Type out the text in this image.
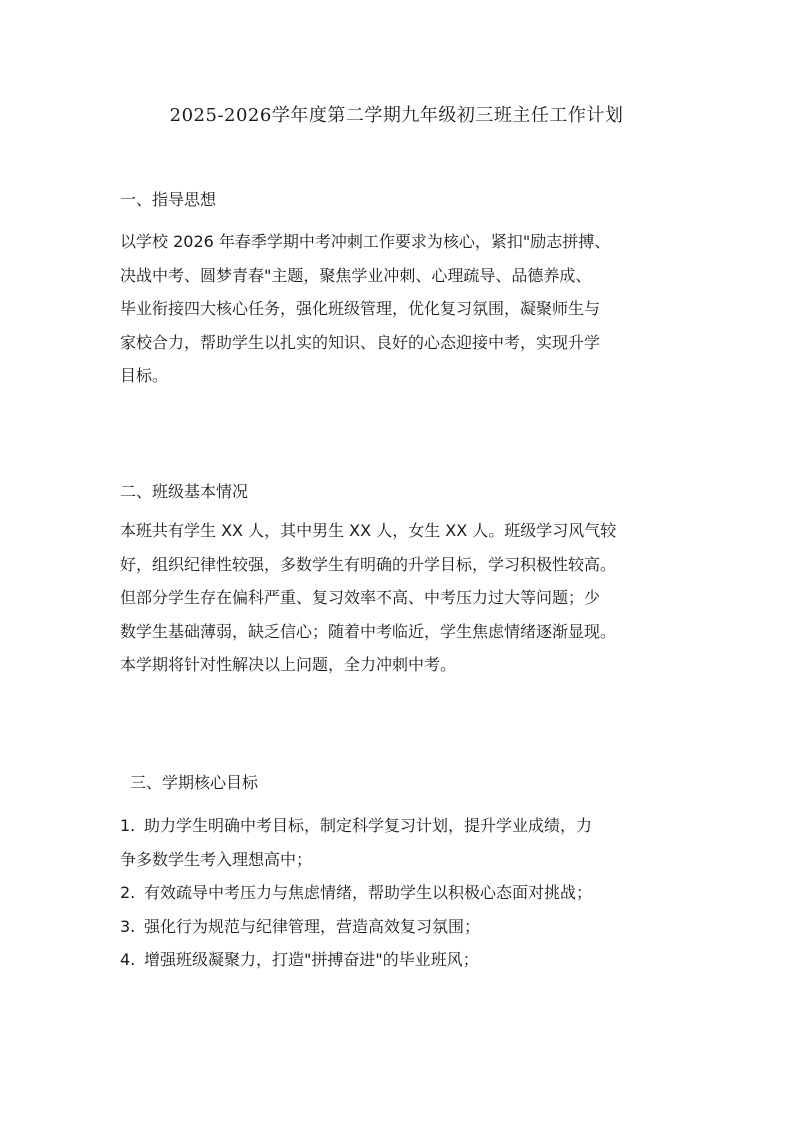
2025-2026学年度第二学期九年级初三班主任工作计划
一、指导思想

以学校 2026 年春季学期中考冲刺工作要求为核心，紧扣"励志拼搏、

决战中考、圆梦青春"主题，聚焦学业冲刺、心理疏导、品德养成、

毕业衔接四大核心任务，强化班级管理，优化复习氛围，凝聚师生与

家校合力，帮助学生以扎实的知识、良好的心态迎接中考，实现升学

目标。

二、班级基本情况

本班共有学生 XX 人，其中男生 XX 人，女生 XX 人。班级学习风气较

好，组织纪律性较强，多数学生有明确的升学目标，学习积极性较高。

但部分学生存在偏科严重、复习效率不高、中考压力过大等问题；少

数学生基础薄弱，缺乏信心；随着中考临近，学生焦虑情绪逐渐显现。

本学期将针对性解决以上问题，全力冲刺中考。

三、学期核心目标
1. 助力学生明确中考目标，制定科学复习计划，提升学业成绩，力
争多数学生考入理想高中；
2. 有效疏导中考压力与焦虑情绪，帮助学生以积极心态面对挑战；
3. 强化行为规范与纪律管理，营造高效复习氛围；
4. 增强班级凝聚力，打造"拼搏奋进"的毕业班风；
